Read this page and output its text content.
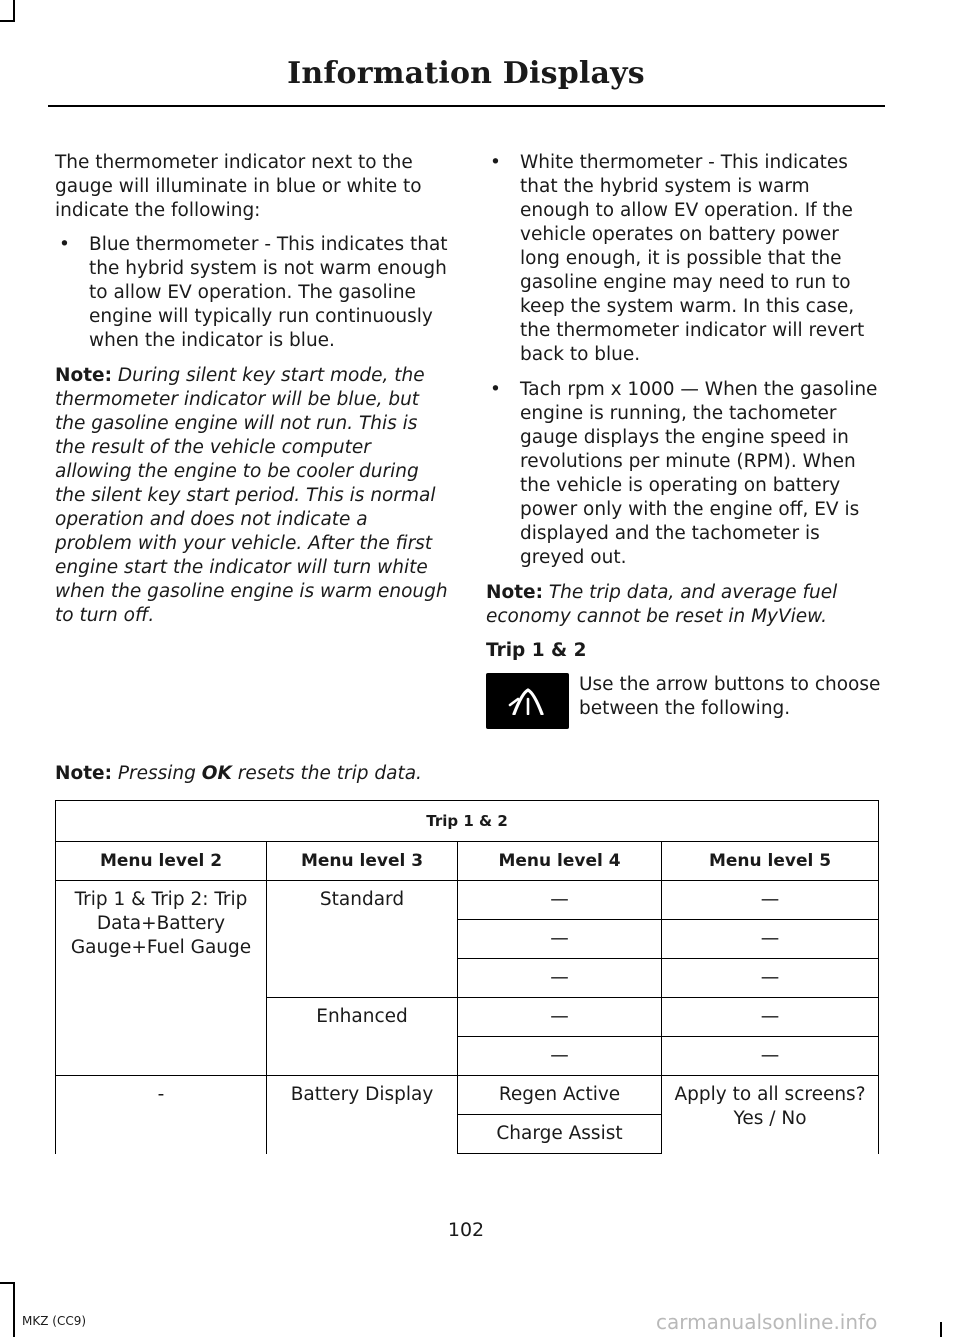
Information Displays

The thermometer indicator next to the gauge will illuminate in blue or white to indicate the following:

• Blue thermometer - This indicates that the hybrid system is not warm enough to allow EV operation. The gasoline engine will typically run continuously when the indicator is blue.

Note: During silent key start mode, the thermometer indicator will be blue, but the gasoline engine will not run. This is the result of the vehicle computer allowing the engine to be cooler during the silent key start period. This is normal operation and does not indicate a problem with your vehicle. After the first engine start the indicator will turn white when the gasoline engine is warm enough to turn off.

• White thermometer - This indicates that the hybrid system is warm enough to allow EV operation. If the vehicle operates on battery power long enough, it is possible that the gasoline engine may need to run to keep the system warm. In this case, the thermometer indicator will revert back to blue.
• Tach rpm x 1000 — When the gasoline engine is running, the tachometer gauge displays the engine speed in revolutions per minute (RPM). When the vehicle is operating on battery power only with the engine off, EV is displayed and the tachometer is greyed out.

Note: The trip data, and average fuel economy cannot be reset in MyView.

Trip 1 & 2

Use the arrow buttons to choose between the following.
Note: Pressing OK resets the trip data.
Trip 1 & 2			
Menu level 2	Menu level 3	Menu level 4	Menu level 5
Trip 1 & Trip 2: Trip Data+Battery Gauge+Fuel Gauge	Standard	—	—
		—	—
		—	—
	Enhanced	—	—
		—	—
-	Battery Display	Regen Active	Apply to all screens? Yes / No
		Charge Assist	
102
MKZ (CC9)	carmanualsonline.info
